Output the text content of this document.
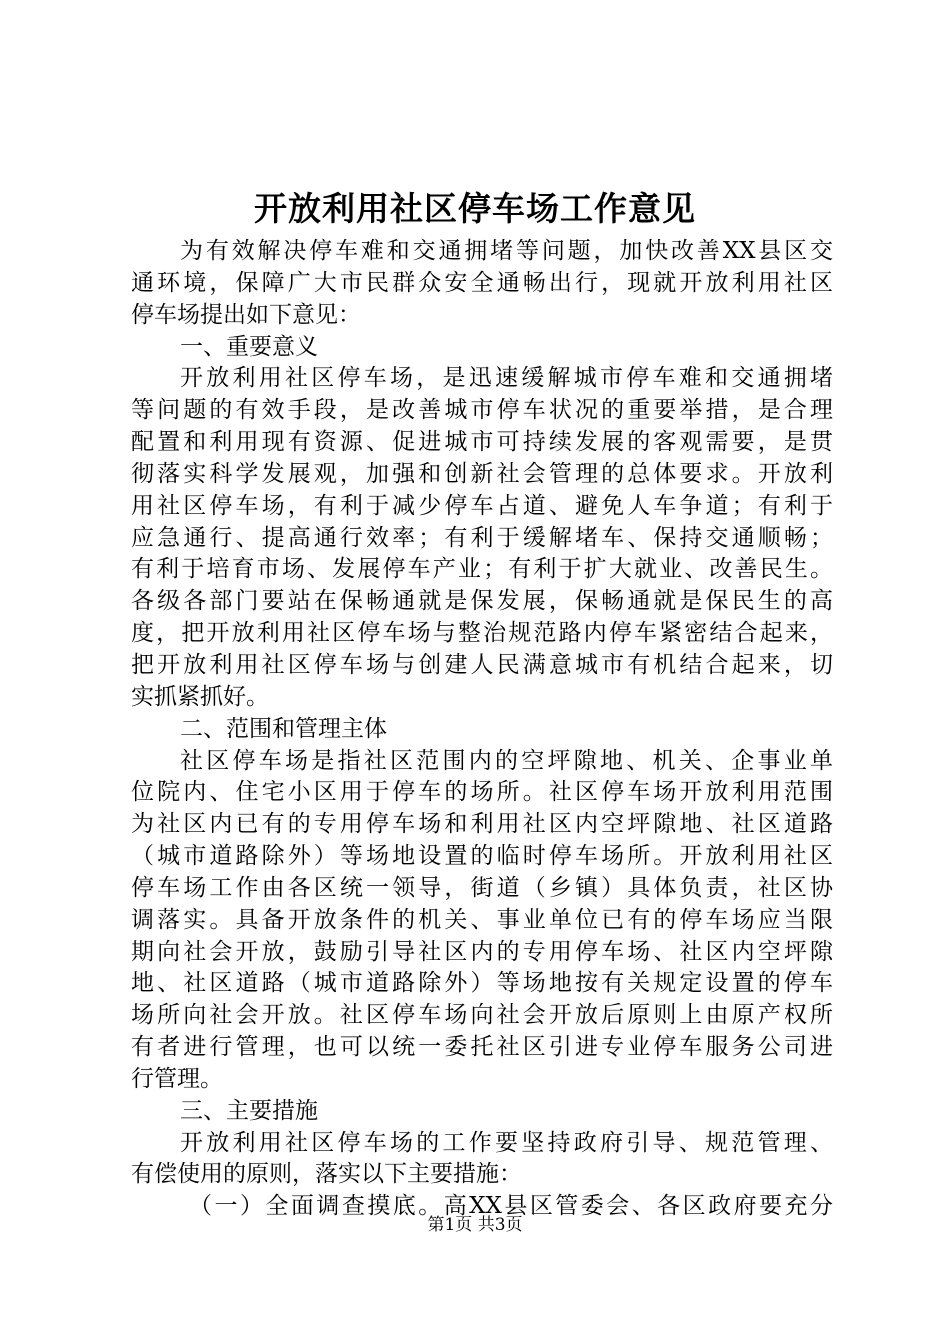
开放利用社区停车场工作意见
为有效解决停车难和交通拥堵等问题，加快改善XX县区交
通环境，保障广大市民群众安全通畅出行，现就开放利用社区
停车场提出如下意见：
一、重要意义
开放利用社区停车场，是迅速缓解城市停车难和交通拥堵
等问题的有效手段，是改善城市停车状况的重要举措，是合理
配置和利用现有资源、促进城市可持续发展的客观需要，是贯
彻落实科学发展观，加强和创新社会管理的总体要求。开放利
用社区停车场，有利于减少停车占道、避免人车争道；有利于
应急通行、提高通行效率；有利于缓解堵车、保持交通顺畅；
有利于培育市场、发展停车产业；有利于扩大就业、改善民生。
各级各部门要站在保畅通就是保发展，保畅通就是保民生的高
度，把开放利用社区停车场与整治规范路内停车紧密结合起来，
把开放利用社区停车场与创建人民满意城市有机结合起来，切
实抓紧抓好。
二、范围和管理主体
社区停车场是指社区范围内的空坪隙地、机关、企事业单
位院内、住宅小区用于停车的场所。社区停车场开放利用范围
为社区内已有的专用停车场和利用社区内空坪隙地、社区道路
（城市道路除外）等场地设置的临时停车场所。开放利用社区
停车场工作由各区统一领导，街道（乡镇）具体负责，社区协
调落实。具备开放条件的机关、事业单位已有的停车场应当限
期向社会开放，鼓励引导社区内的专用停车场、社区内空坪隙
地、社区道路（城市道路除外）等场地按有关规定设置的停车
场所向社会开放。社区停车场向社会开放后原则上由原产权所
有者进行管理，也可以统一委托社区引进专业停车服务公司进
行管理。
三、主要措施
开放利用社区停车场的工作要坚持政府引导、规范管理、
有偿使用的原则，落实以下主要措施：
（一）全面调查摸底。高XX县区管委会、各区政府要充分
第1页 共3页
